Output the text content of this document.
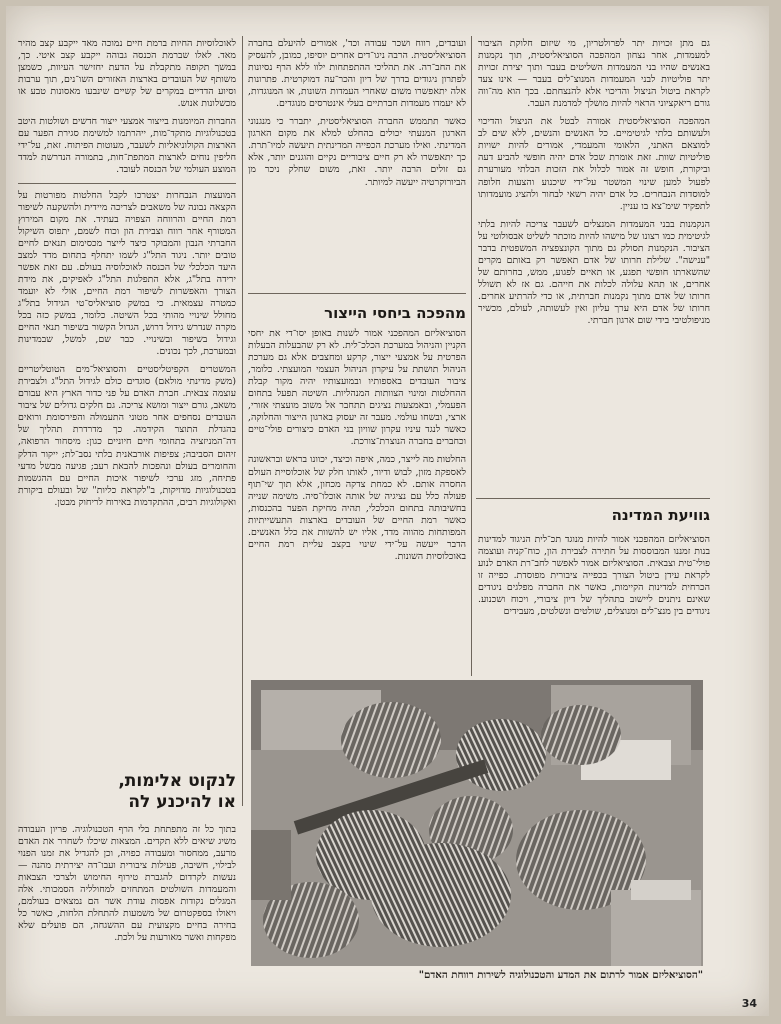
גם מתן זכויות יתר לפרולטריון, מי שיזום חלוקת הציבור למעמדות, אחר נצחון המהפכה הסוציאליסטית, תוך נקמנות באנשים שהיו בני המעמדות השליטים בעבר ותוך יצירת זכויות יתר פוליטיות לבני המעמדות המנוצ־לים בעבר — אינו צעד לקראת ביטול הניצול והדיכוי אלא להנצחתם. בכך הוא מה־ווה גורם ריאקציוני הראוי להיות מושלך למדמנת העבר.

המהפכה הסוציאליסטית אמורה לבטל את הניצול והדיכוי ולעשותם בלתי לגיטימיים. כל האנשים והנשים, ללא שים לב למוצאם האתני, הלאומי והמעמדי, אמורים להיות ישויות פוליטיות שוות. זאת אומרת שכל אדם יהיה חופשי להביע דעה וביקורת, חופש זה אמור לכלול את הזכות הבלתי מעורערת לפעול למען שינוי המשטר על־ידי שיכנוע והצעות חלופה למוסדות הנבחרים. כל אדם יהיה רשאי לבחור ולהציג מועמדותו לתפקיד שימ־צא בו עניין.

הנקמנות בבני המעמדות המנצלים לשעבר צריכה להיות בלתי לגיטימית כמו רצונו של מישהו להיות מוכתר לשליט אבסולוטי על הציבור. הנקמנות תסולק גם מתוך הקונצפציה המשפטית בדבר "ענישה". שלילת חרותו של אדם תאפשר רק באותם מקרים שהשארתו חופשי תפגע, או תאיים לפגוע, ממש, בחרותם של אחרים, או תהא עלולה לכלות את חייהם. גם אז לא תשולל חרותו של אדם מתוך נקמנות חברתית, או כדי להרתיע אחרים. חרותו של אדם היא ערך עליון ואין לעשותה, לעולם, מכשיר מניפולטיבי בידי שום ארגון חברתי.

גוויעת המדינה

הסוציאליזם המהפכני אמור להיות מנוגד תכ־לית הניגוד למדינות בנות זמננו המבוססות על חתירה לצבירת הון, כוח־קניה ועוצמה פולי־טית וצבאית. הסוציאליזם אמור לאפשר לחב־רת האדם לנוע לקראת עידן ביטול הצורך בכפייה ציבורית מפוסדת. כפייה זו הכרחית למדינות הקיימות, כאשר את החברה מפלגים ניגודים שאינם ניתנים ליישוב בתהליך של דיון ציבורי, ויכוח ושכנוע. ניגודים בין מנצ־לים ומנוצלים, שולטים ונשלטים, מעבידים

ועובדים, רווח ושכר עבודה וכד', אמורים להיעלם בחברה הסוציאליסטית. הרבה ניגו־דים אחרים יוסיפו, כמובן, להעסיק את החב־רה. את תהליכי ההתפתחות ילוו ללא הרף נסיונות לפתרון ניגודים בדרך של דיון והכר־עה דמוקרטית. פתרונות אלה יתאפשרו משום שאחרי העמדות השונות, או המנוגדות, לא יעמדו מעמדות חברתיים בעלי אינטרסים מנוגדים.

כאשר תתממש החברה הסוציאליסטית, יתברר כי מנגנוני הארגון המנעתי יכולים בהחלט למלא את מקום הארגון המדינתי. ואילו מערכת הכפייה המדינתית תיעשה למיו־תרת. כך יתאפשרו לא רק חיים ציבוריים נקיים והוגנים יותר, אלא גם זולים הרבה יותר. זאת, משום שחלק ניכר מן הביורוקרטיה ייעשה למיותר.

מהפכה ביחסי הייצור

הסוציאליזם המהפכני אמור לשנות באופן יסו־די את יחסי הקניין והניהול במערכת הכלכ־לית. לא רק שהבעלות הבעלות הפרטית על אמצעי ייצור, קרקע ומחצבים אלא גם מערכת הניהול תושתת על עיקרון הניהול העצמי המועצתי. כלומר, ציבור העובדים באספותיו ובמועצותיו יהיה מקור קבלת ההחלטות ומינוי הצוותות המנהליות. השיטה תפעל בתחום הפעמלי, ובאמצעות נציגים תתחבר אל משוב מועצתי אזורי, ארצי, ובשחו עולמי. מעבר זה יעסוק בארגון הייצור והחלוקה, כאשר לנגד עיניו עקרון שוויון בני האדם כיצורים פולי־טיים וכחברים בחברה הנוצרת־צורכת.

החלטות מה לייצר, כמה, איפה וכיצד, יכוונו בראש ובראשונה לאספקת מזון, לבוש ודיור, לאותו חלק של אוכלוסיית העולם החסרה אותם. לא כמחת צדקה מכחון, אלא תוך שי־תוף פעולה כלל עם נציגיה של אותה אוכלו־סיה. משימה שנייה בחשיבותה בתחום הכלכלי, תהיה מחיקת הפער בהכנסות, כאשר רמת החיים של העובדים בארצות התעשייתיות המפותחות מהווה מדד, אליו יש להשוות את כלל האנשים. הדבר ייעשה על־ידי שינוי בקצב עליית רמת החיים באוכלוסיות השונות.

לאוכלוסיות החיות ברמת חיים נמוכה מאד ייקבע קצב מהיר מאד. לאלו שברמת הכנסה גבוהה ייקבע קצב איטי. כך, במשך תקופה מתקבלת על הדעת יחזישר העיוות, כשמצן משותף של העובדים בארצות האזורים השו־נים, תוך ערבות וסיוע הדדיים במקרים של קשיים שינבעו מאסונות טבע או מכשלונות אנוש.

החברות המיומנות בייצור אמצעי ייצור חדשים ושולטות היטב בטכנולוגיות מתקד־מות, ייהרתמו למשימת סגירת הפער עם הארצות הקולוניאליות לשעבר, מעוטות הפיתוח. זאת, על־ידי חליפין נוחים לארצות המתפת־חות, בתמורה הנדרשת למדד המוצע העולמי של הכנסה לעובד.

המועצות הנבחרות יצטרכו לקבל החלטות מפורטות על הקצאה נבונה של משאבים לצריכה מיידית ולהשקעה לשיפור רמת החיים והרווחה הצפויה בעתיד. את מקום המירוץ המטורף אחר רווח וצבירת הון וכוח לשמם, יתפוס השיקול החברתי הנבון והמבוקר כיצד לייצר מכסימום תנאים לחיים טובים יותר. ניגוד התל"ג לשמו יתחלף בתחום מדד למצב היעד הכלכלי של הכנסה לאוכלוסיה בעולם. עם זאת אפשר ירידה בתל"ג, אלא התפלגות התל"ג לאפיקים, את מידת הצורך והאפשרות לשיפור רמת החיים, אולי לא יועמד כמטרה עצמאית. כי במשק סוציאליס־טי הגידול בתל"ג מחולל שינויי מהותי בכל השיטה. כלומר, במשק כזה בכל מקרה שנדרש גידול דרוש, הגדול הקשור בשיפור תנאי החיים וגידול בשיפור ובשינויי. כבר שם, למשל, שבמדינות ובמערכת, לכך נכונים.

המשטרים הקפיטליסטיים והסוציאל־מים הטוטליטריים (משק מדינתי מולאם) סוגדים כולם לגידול התל"ג ולצבירת עוצמה צבאית. חברת האדם על פני כדור הארץ היא עבורם משאב, גורם ייצור ומושא צריכה. גם חלקים גדולים של ציבור העובדים נסחפים אחר מטוני התעמולה והפירסומת ורואים בהגדלת התוצר הקידמה. כך מדרדרת תהליך של דה־המניזציה בתחומי חיים חיוניים כגון: מיסחור הרפואה, זיהום הסביבה; צפיפות אורבאנית בלתי נסב־לת; ייקור הדלק והחומרים בעולם ונהפכות להבאת רעב; פגיעה מבשל מדעי פתיחה, מזג ערכי לשיפור איכות החיים עם ההגשמות בטכנולוגיות מדויקות, ב"לקראת כליות" של ובעולם ביקורת ואקולוגיות רבים, ההתקדמות באירוח לריחוק מבטן.

לנקוט אלימות,
או להיכנע לה

בתוך כל זה מתפתחת בלי הרף הטכנולוגיה. פריון העבודה משיג שיאים ללא תקדים. המצאות שיכלו לשחרר את האדם מרעב, ממחסור ומעבודה כפויה, וכן להגדיל את זמנו הפנוי לבילוי, חשיבה, פעילות ציבורית ועבו־דה יצירתית מהנה — נעשות לקרדום להגברת טירוף החימוש ולצרכי הצבאות והמעמדות השולטים המתחזים למחולליה הסמכותי. אלה המגלים נקודות אפסות עודת אשר הם נמצאים בעולמם, ויאולו בספקטרום של משמעות להתחלת הלחות, כאשר כל בחירה בחיים מקצועית עם ההשגחה, הם פועלים שלא מפקחות ואשר מאורעות על ולכת.

"הסוציאליזם אמור לרתום את המדע והטכנולוגיה לשירות רווחת האדם"
34
